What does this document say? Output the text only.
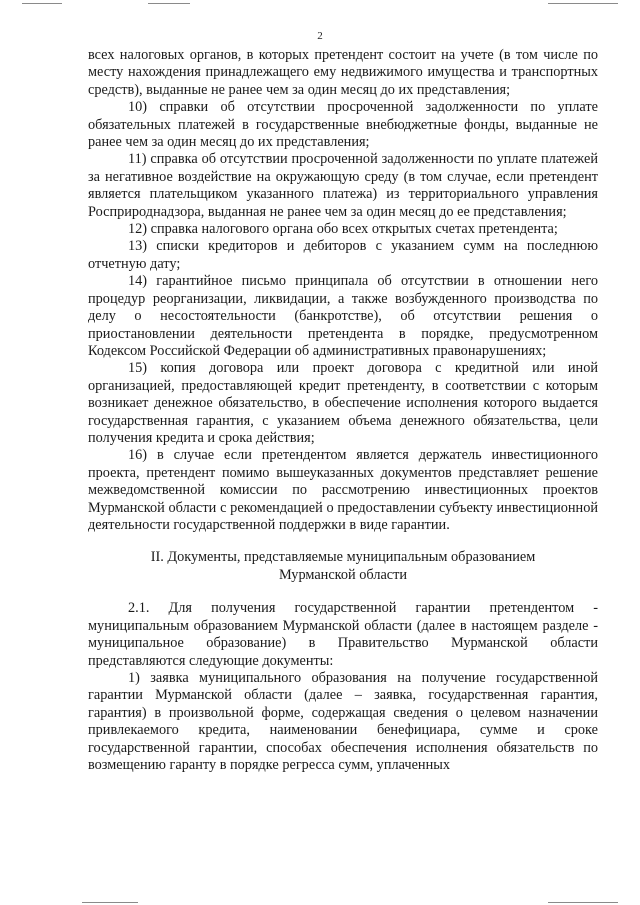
2

всех налоговых органов, в которых претендент состоит на учете (в том числе по месту нахождения принадлежащего ему недвижимого имущества и транспортных средств), выданные не ранее чем за один месяц до их представления;

10) справки об отсутствии просроченной задолженности по уплате обязательных платежей в государственные внебюджетные фонды, выданные не ранее чем за один месяц до их представления;

11) справка об отсутствии просроченной задолженности по уплате платежей за негативное воздействие на окружающую среду (в том случае, если претендент является плательщиком указанного платежа) из территориального управления Росприроднадзора, выданная не ранее чем за один месяц до ее представления;

12) справка налогового органа обо всех открытых счетах претендента;

13) списки кредиторов и дебиторов с указанием сумм на последнюю отчетную дату;

14) гарантийное письмо принципала об отсутствии в отношении него процедур реорганизации, ликвидации, а также возбужденного производства по делу о несостоятельности (банкротстве), об отсутствии решения о приостановлении деятельности претендента в порядке, предусмотренном Кодексом Российской Федерации об административных правонарушениях;

15) копия договора или проект договора с кредитной или иной организацией, предоставляющей кредит претенденту, в соответствии с которым возникает денежное обязательство, в обеспечение исполнения которого выдается государственная гарантия, с указанием объема денежного обязательства, цели получения кредита и срока действия;

16) в случае если претендентом является держатель инвестиционного проекта, претендент помимо вышеуказанных документов представляет решение межведомственной комиссии по рассмотрению инвестиционных проектов Мурманской области с рекомендацией о предоставлении субъекту инвестиционной деятельности государственной поддержки в виде гарантии.

II. Документы, представляемые муниципальным образованием
Мурманской области

2.1. Для получения государственной гарантии претендентом - муниципальным образованием Мурманской области (далее в настоящем разделе - муниципальное образование) в Правительство Мурманской области представляются следующие документы:

1) заявка муниципального образования на получение государственной гарантии Мурманской области (далее – заявка, государственная гарантия, гарантия) в произвольной форме, содержащая сведения о целевом назначении привлекаемого кредита, наименовании бенефициара, сумме и сроке государственной гарантии, способах обеспечения исполнения обязательств по возмещению гаранту в порядке регресса сумм, уплаченных
